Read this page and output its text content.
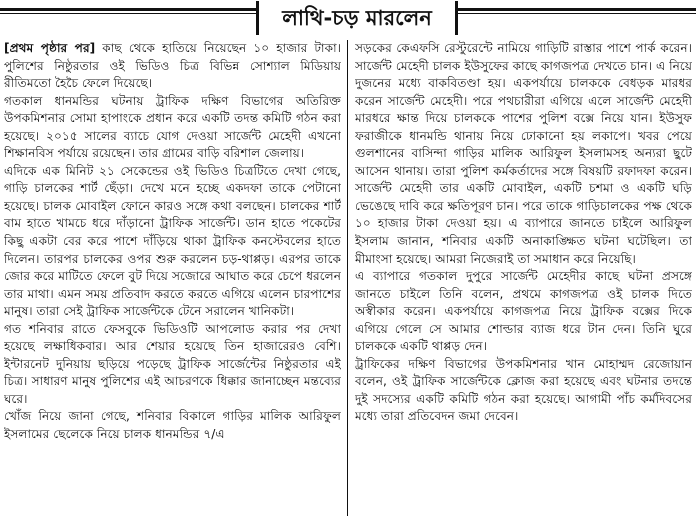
লাথি-চড় মারলেন

[প্রথম পৃষ্ঠার পর] কাছ থেকে হাতিয়ে নিয়েছেন ১০ হাজার টাকা। পুলিশের নিষ্ঠুরতার ওই ভিডিও চিত্র বিভিন্ন সোশ্যাল মিডিয়ায় রীতিমতো হৈচৈ ফেলে দিয়েছে।

গতকাল ধানমন্ডির ঘটনায় ট্রাফিক দক্ষিণ বিভাগের অতিরিক্ত উপকমিশনার সোমা হাপাংকে প্রধান করে একটি তদন্ত কমিটি গঠন করা হয়েছে। ২০১৫ সালের ব্যাচে যোগ দেওয়া সার্জেন্ট মেহেদী এখনো শিক্ষানবিস পর্যায়ে রয়েছেন। তার গ্রামের বাড়ি বরিশাল জেলায়।

এদিকে এক মিনিট ২১ সেকেন্ডের ওই ভিডিও চিত্রটিতে দেখা গেছে, গাড়ি চালকের শার্ট ছেঁড়া। দেখে মনে হচ্ছে একদফা তাকে পেটানো হয়েছে। চালক মোবাইল ফোনে কারও সঙ্গে কথা বলছেন। চালকের শার্ট বাম হাতে খামচে ধরে দাঁড়ানো ট্রাফিক সার্জেন্ট। ডান হাতে পকেটের কিছু একটা বের করে পাশে দাঁড়িয়ে থাকা ট্রাফিক কনস্টেবলের হাতে দিলেন। তারপর চালকের ওপর শুরু করলেন চড়-থাপ্পড়। এরপর তাকে জোর করে মাটিতে ফেলে বুট দিয়ে সজোরে আঘাত করে চেপে ধরলেন তার মাথা। এমন সময় প্রতিবাদ করতে করতে এগিয়ে এলেন চারপাশের মানুষ। তারা সেই ট্রাফিক সার্জেন্টকে টেনে সরালেন খানিকটা।

গত শনিবার রাতে ফেসবুকে ভিডিওটি আপলোড করার পর দেখা হয়েছে লক্ষাধিকবার। আর শেয়ার হয়েছে তিন হাজারেরও বেশি। ইন্টারনেট দুনিয়ায় ছড়িয়ে পড়েছে ট্রাফিক সার্জেন্টের নিষ্ঠুরতার এই চিত্র। সাধারণ মানুষ পুলিশের এই আচরণকে ধিক্কার জানাচ্ছেন মন্তব্যের ঘরে।

খোঁজ নিয়ে জানা গেছে, শনিবার বিকালে গাড়ির মালিক আরিফুল ইসলামের ছেলেকে নিয়ে চালক ধানমন্ডির ৭/এ

সড়কের কেএফসি রেস্টুরেন্টে নামিয়ে গাড়িটি রাস্তার পাশে পার্ক করেন। সার্জেন্ট মেহেদী চালক ইউসুফের কাছে কাগজপত্র দেখতে চান। এ নিয়ে দুজনের মধ্যে বাকবিতণ্ডা হয়। একপর্যায়ে চালককে বেধড়ক মারধর করেন সার্জেন্ট মেহেদী। পরে পথচারীরা এগিয়ে এলে সার্জেন্ট মেহেদী মারধরে ক্ষান্ত দিয়ে চালককে পাশের পুলিশ বক্সে নিয়ে যান। ইউসুফ ফরাজীকে ধানমন্ডি থানায় নিয়ে ঢোকানো হয় লকাপে। খবর পেয়ে গুলশানের বাসিন্দা গাড়ির মালিক আরিফুল ইসলামসহ অন্যরা ছুটে আসেন থানায়। তারা পুলিশ কর্মকর্তাদের সঙ্গে বিষয়টি রফাদফা করেন। সার্জেন্ট মেহেদী তার একটি মোবাইল, একটি চশমা ও একটি ঘড়ি ভেঙেছে দাবি করে ক্ষতিপূরণ চান। পরে তাকে গাড়িচালকের পক্ষ থেকে ১০ হাজার টাকা দেওয়া হয়। এ ব্যাপারে জানতে চাইলে আরিফুল ইসলাম জানান, শনিবার একটি অনাকাঙ্ক্ষিত ঘটনা ঘটেছিল। তা মীমাংসা হয়েছে। আমরা নিজেরাই তা সমাধান করে নিয়েছি।

এ ব্যাপারে গতকাল দুপুরে সার্জেন্ট মেহেদীর কাছে ঘটনা প্রসঙ্গে জানতে চাইলে তিনি বলেন, প্রথমে কাগজপত্র ওই চালক দিতে অস্বীকার করেন। একপর্যায়ে কাগজপত্র নিয়ে ট্রাফিক বক্সের দিকে এগিয়ে গেলে সে আমার শোল্ডার ব্যাজ ধরে টান দেন। তিনি ঘুরে চালককে একটি থাপ্পড় দেন।

ট্রাফিকের দক্ষিণ বিভাগের উপকমিশনার খান মোহাম্মদ রেজোয়ান বলেন, ওই ট্রাফিক সার্জেন্টকে ক্লোজ করা হয়েছে এবং ঘটনার তদন্তে দুই সদস্যের একটি কমিটি গঠন করা হয়েছে। আগামী পাঁচ কর্মদিবসের মধ্যে তারা প্রতিবেদন জমা দেবেন।
